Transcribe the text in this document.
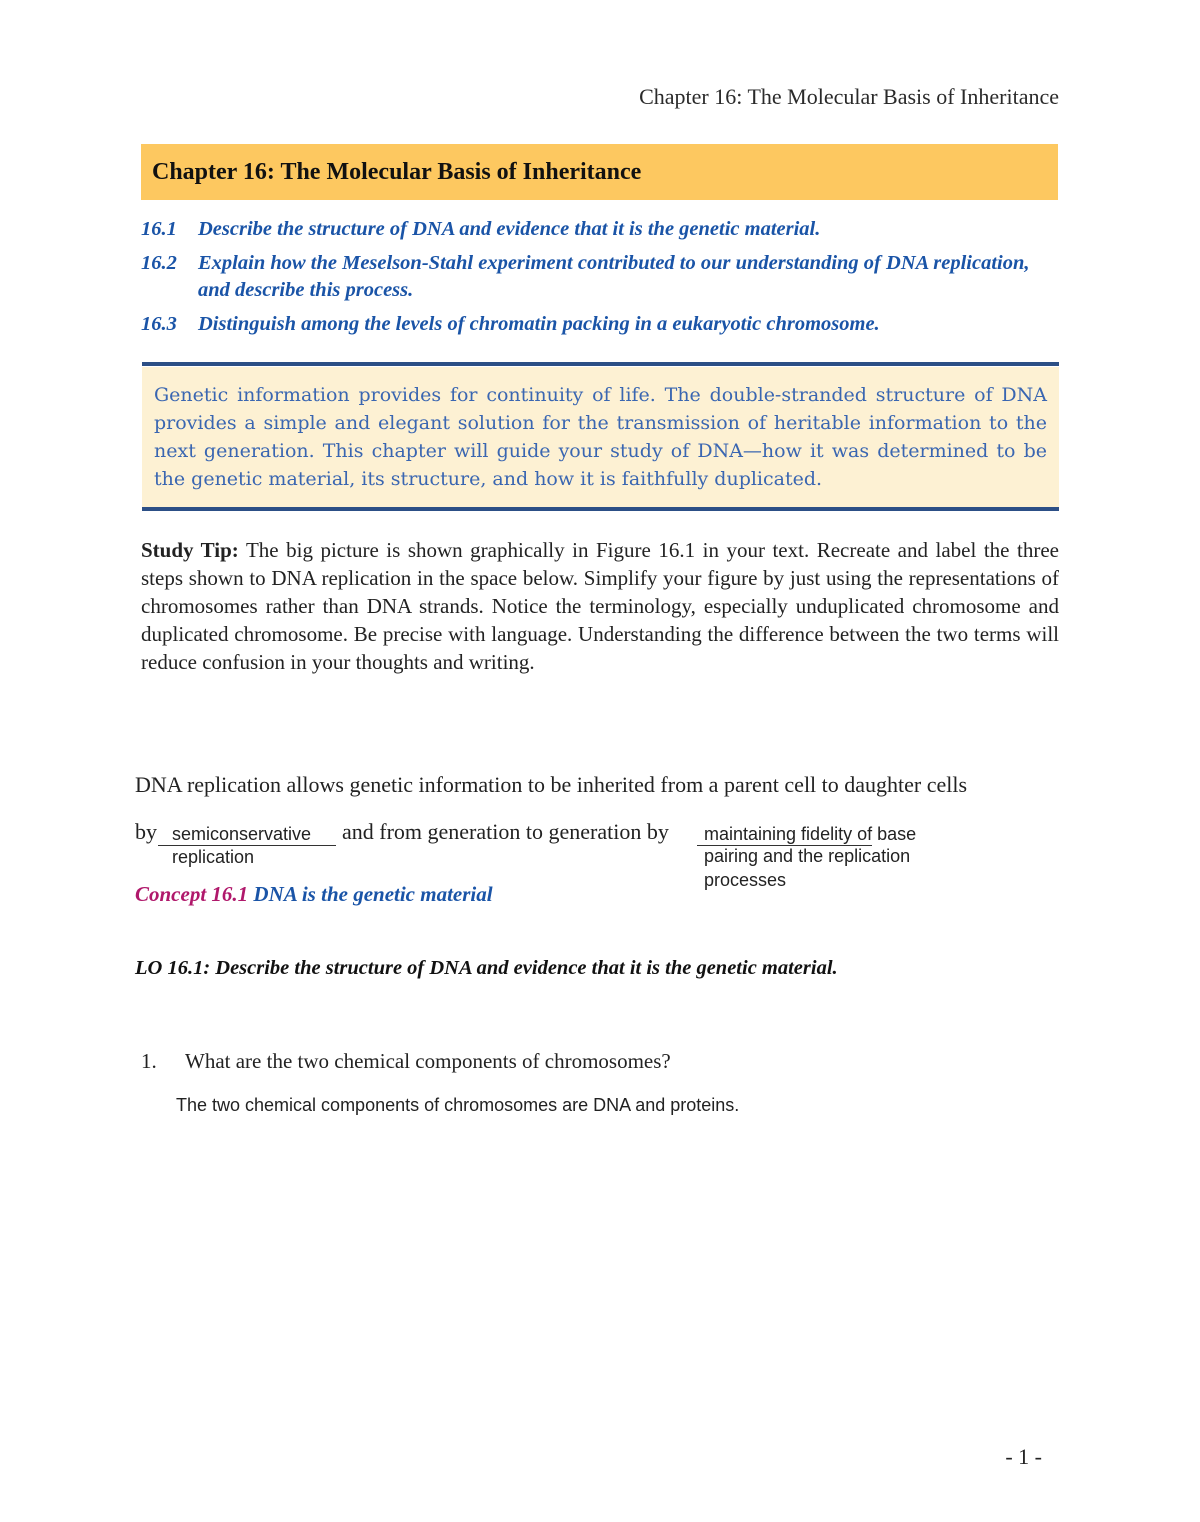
Chapter 16: The Molecular Basis of Inheritance
Chapter 16: The Molecular Basis of Inheritance
16.1 Describe the structure of DNA and evidence that it is the genetic material.
16.2 Explain how the Meselson-Stahl experiment contributed to our understanding of DNA replication, and describe this process.
16.3 Distinguish among the levels of chromatin packing in a eukaryotic chromosome.
Genetic information provides for continuity of life. The double-stranded structure of DNA provides a simple and elegant solution for the transmission of heritable information to the next generation. This chapter will guide your study of DNA—how it was determined to be the genetic material, its structure, and how it is faithfully duplicated.
Study Tip: The big picture is shown graphically in Figure 16.1 in your text. Recreate and label the three steps shown to DNA replication in the space below. Simplify your figure by just using the representations of chromosomes rather than DNA strands. Notice the terminology, especially unduplicated chromosome and duplicated chromosome. Be precise with language. Understanding the difference between the two terms will reduce confusion in your thoughts and writing.
DNA replication allows genetic information to be inherited from a parent cell to daughter cells
by semiconservative
replication
and from generation to generation by maintaining fidelity of base
pairing and the replication
processes
Concept 16.1 DNA is the genetic material
LO 16.1: Describe the structure of DNA and evidence that it is the genetic material.
1. What are the two chemical components of chromosomes?
The two chemical components of chromosomes are DNA and proteins.
- 1 -
